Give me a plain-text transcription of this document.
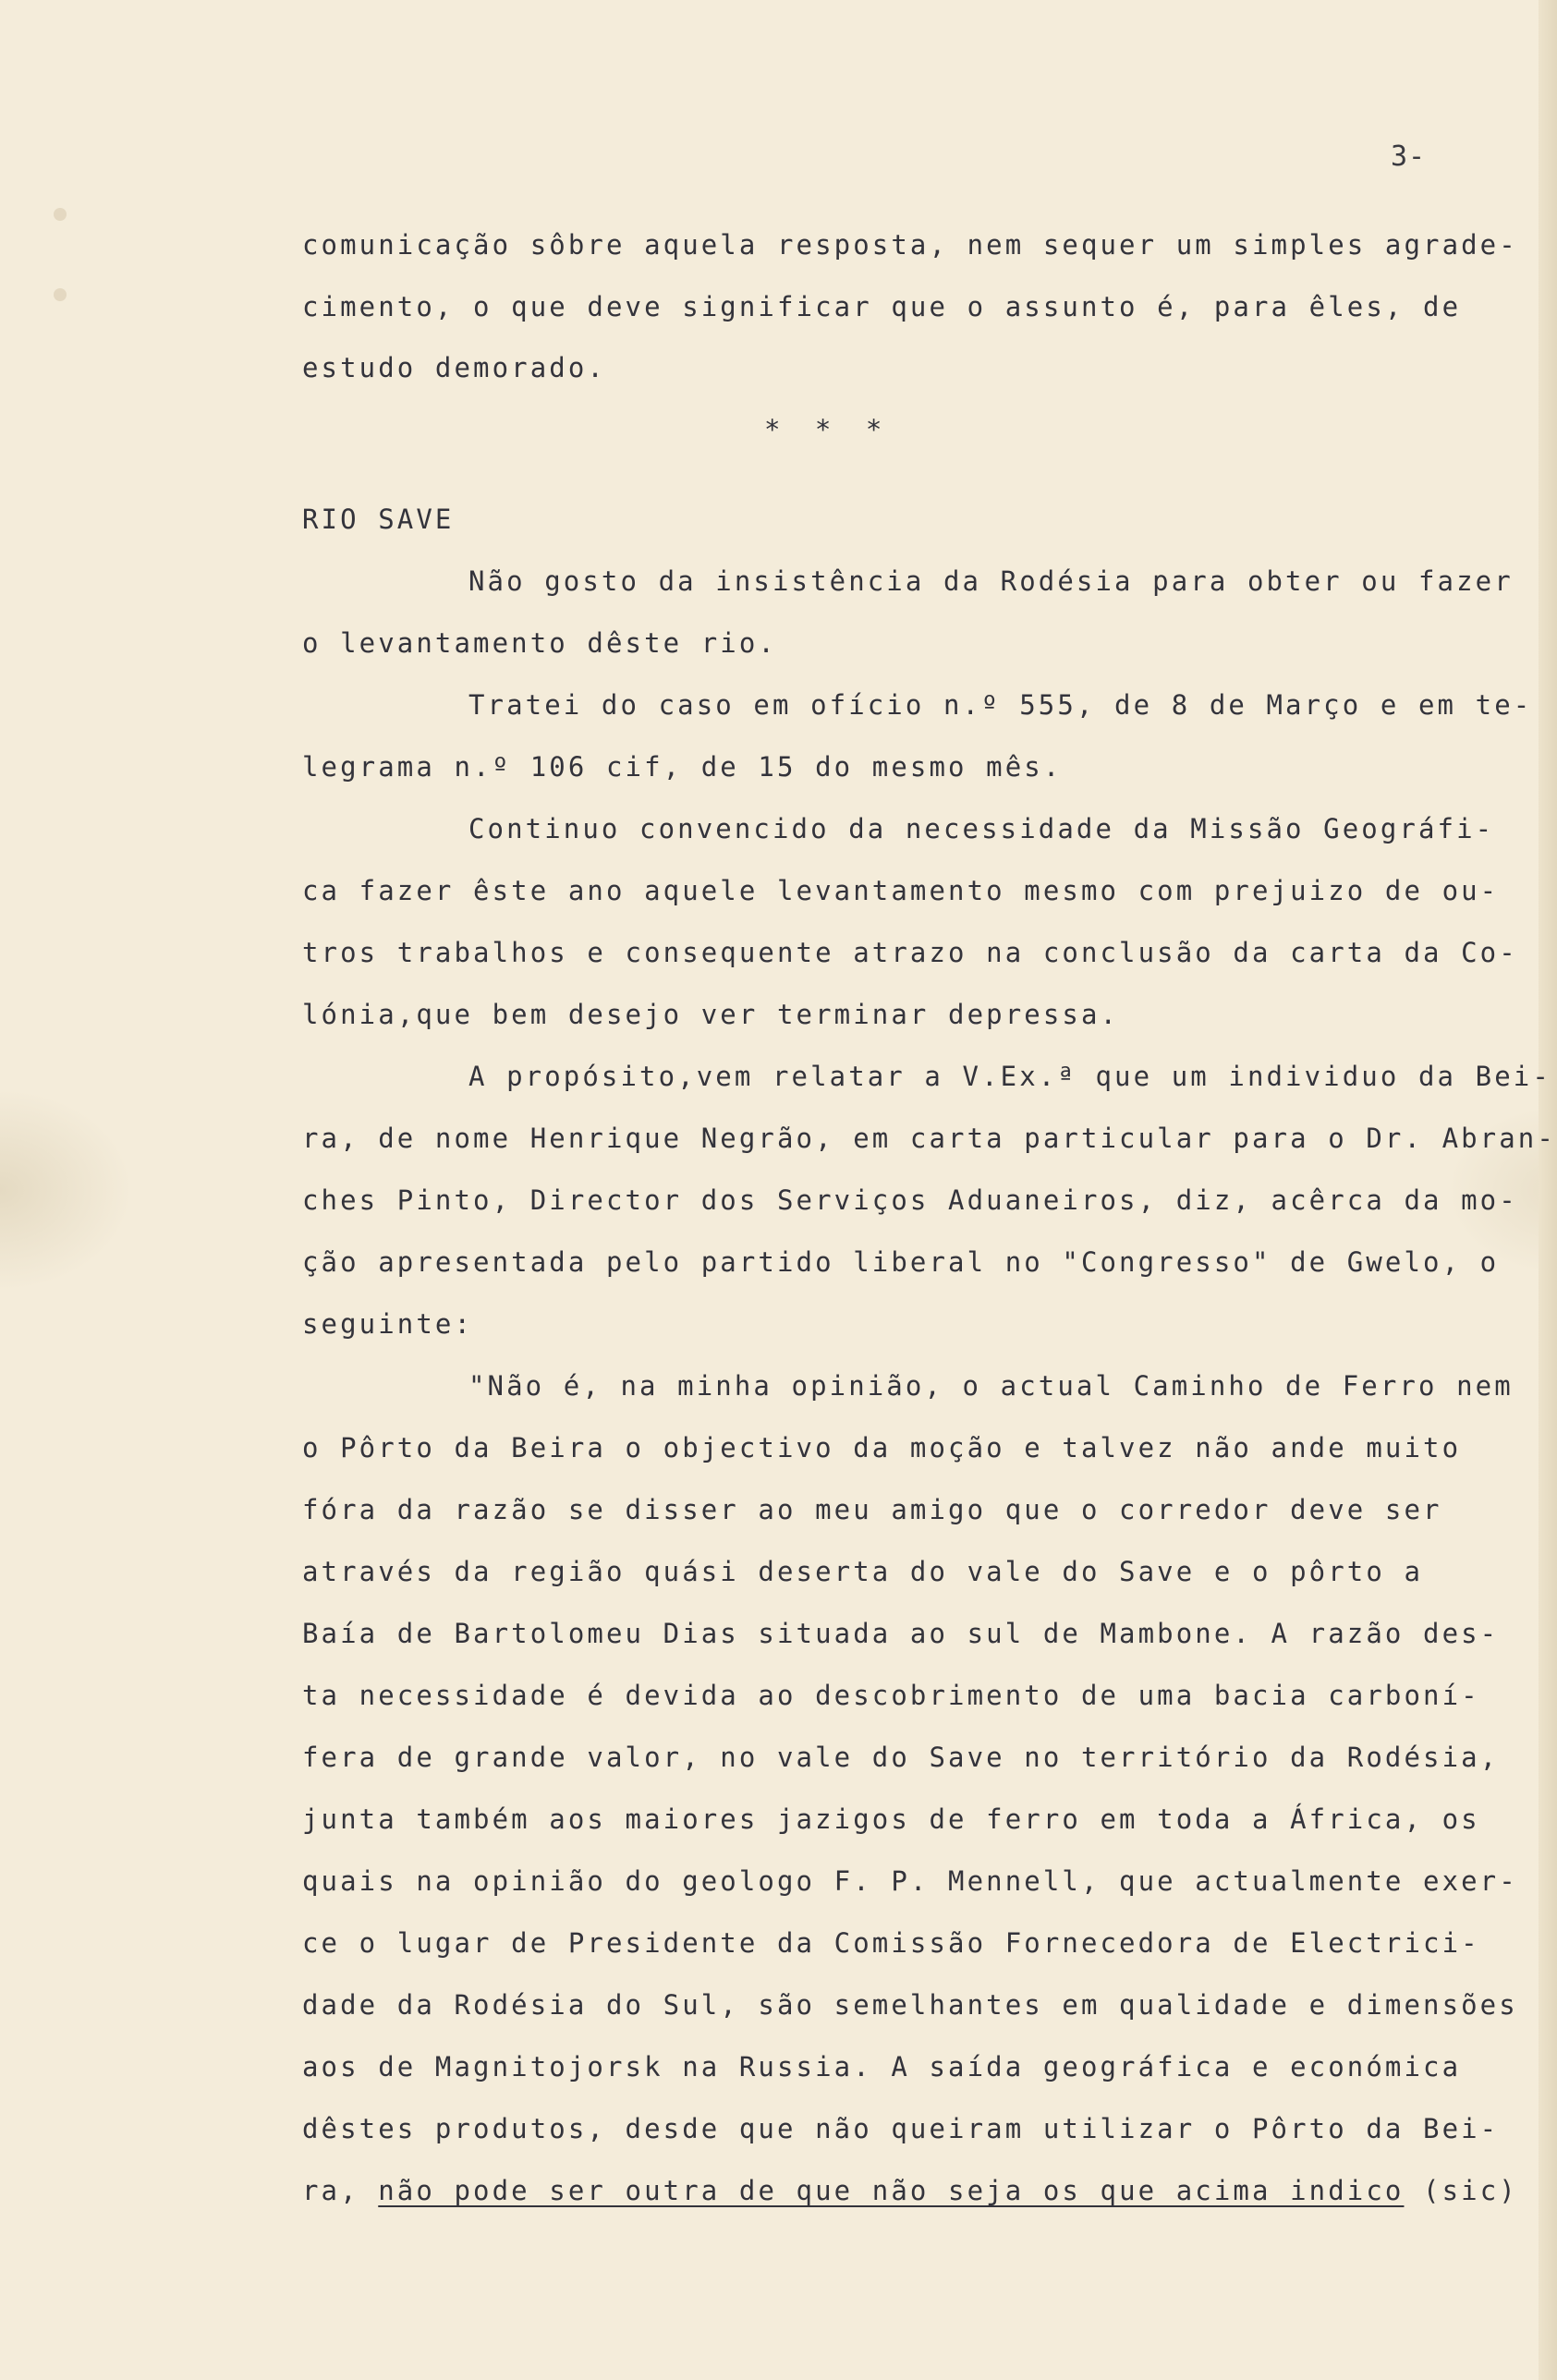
3-
comunicação sôbre aquela resposta, nem sequer um simples agrade-
cimento, o que deve significar que o assunto é, para êles, de
estudo demorado.
* * *
RIO SAVE
Não gosto da insistência da Rodésia para obter ou fazer
o levantamento dêste rio.
Tratei do caso em ofício n.º 555, de 8 de Março e em te-
legrama n.º 106 cif, de 15 do mesmo mês.
Continuo convencido da necessidade da Missão Geográfi-
ca fazer êste ano aquele levantamento mesmo com prejuizo de ou-
tros trabalhos e consequente atrazo na conclusão da carta da Co-
lónia,que bem desejo ver terminar depressa.
A propósito,vem relatar a V.Ex.ª que um individuo da Bei-
ra, de nome Henrique Negrão, em carta particular para o Dr. Abran-
ches Pinto, Director dos Serviços Aduaneiros, diz, acêrca da mo-
ção apresentada pelo partido liberal no "Congresso" de Gwelo, o
seguinte:
"Não é, na minha opinião, o actual Caminho de Ferro nem
o Pôrto da Beira o objectivo da moção e talvez não ande muito
fóra da razão se disser ao meu amigo que o corredor deve ser
através da região quási deserta do vale do Save e o pôrto a
Baía de Bartolomeu Dias situada ao sul de Mambone. A razão des-
ta necessidade é devida ao descobrimento de uma bacia carboní-
fera de grande valor, no vale do Save no território da Rodésia,
junta também aos maiores jazigos de ferro em toda a África, os
quais na opinião do geologo F. P. Mennell, que actualmente exer-
ce o lugar de Presidente da Comissão Fornecedora de Electrici-
dade da Rodésia do Sul, são semelhantes em qualidade e dimensões
aos de Magnitojorsk na Russia. A saída geográfica e económica
dêstes produtos, desde que não queiram utilizar o Pôrto da Bei-
ra, não pode ser outra de que não seja os que acima indico (sic)
